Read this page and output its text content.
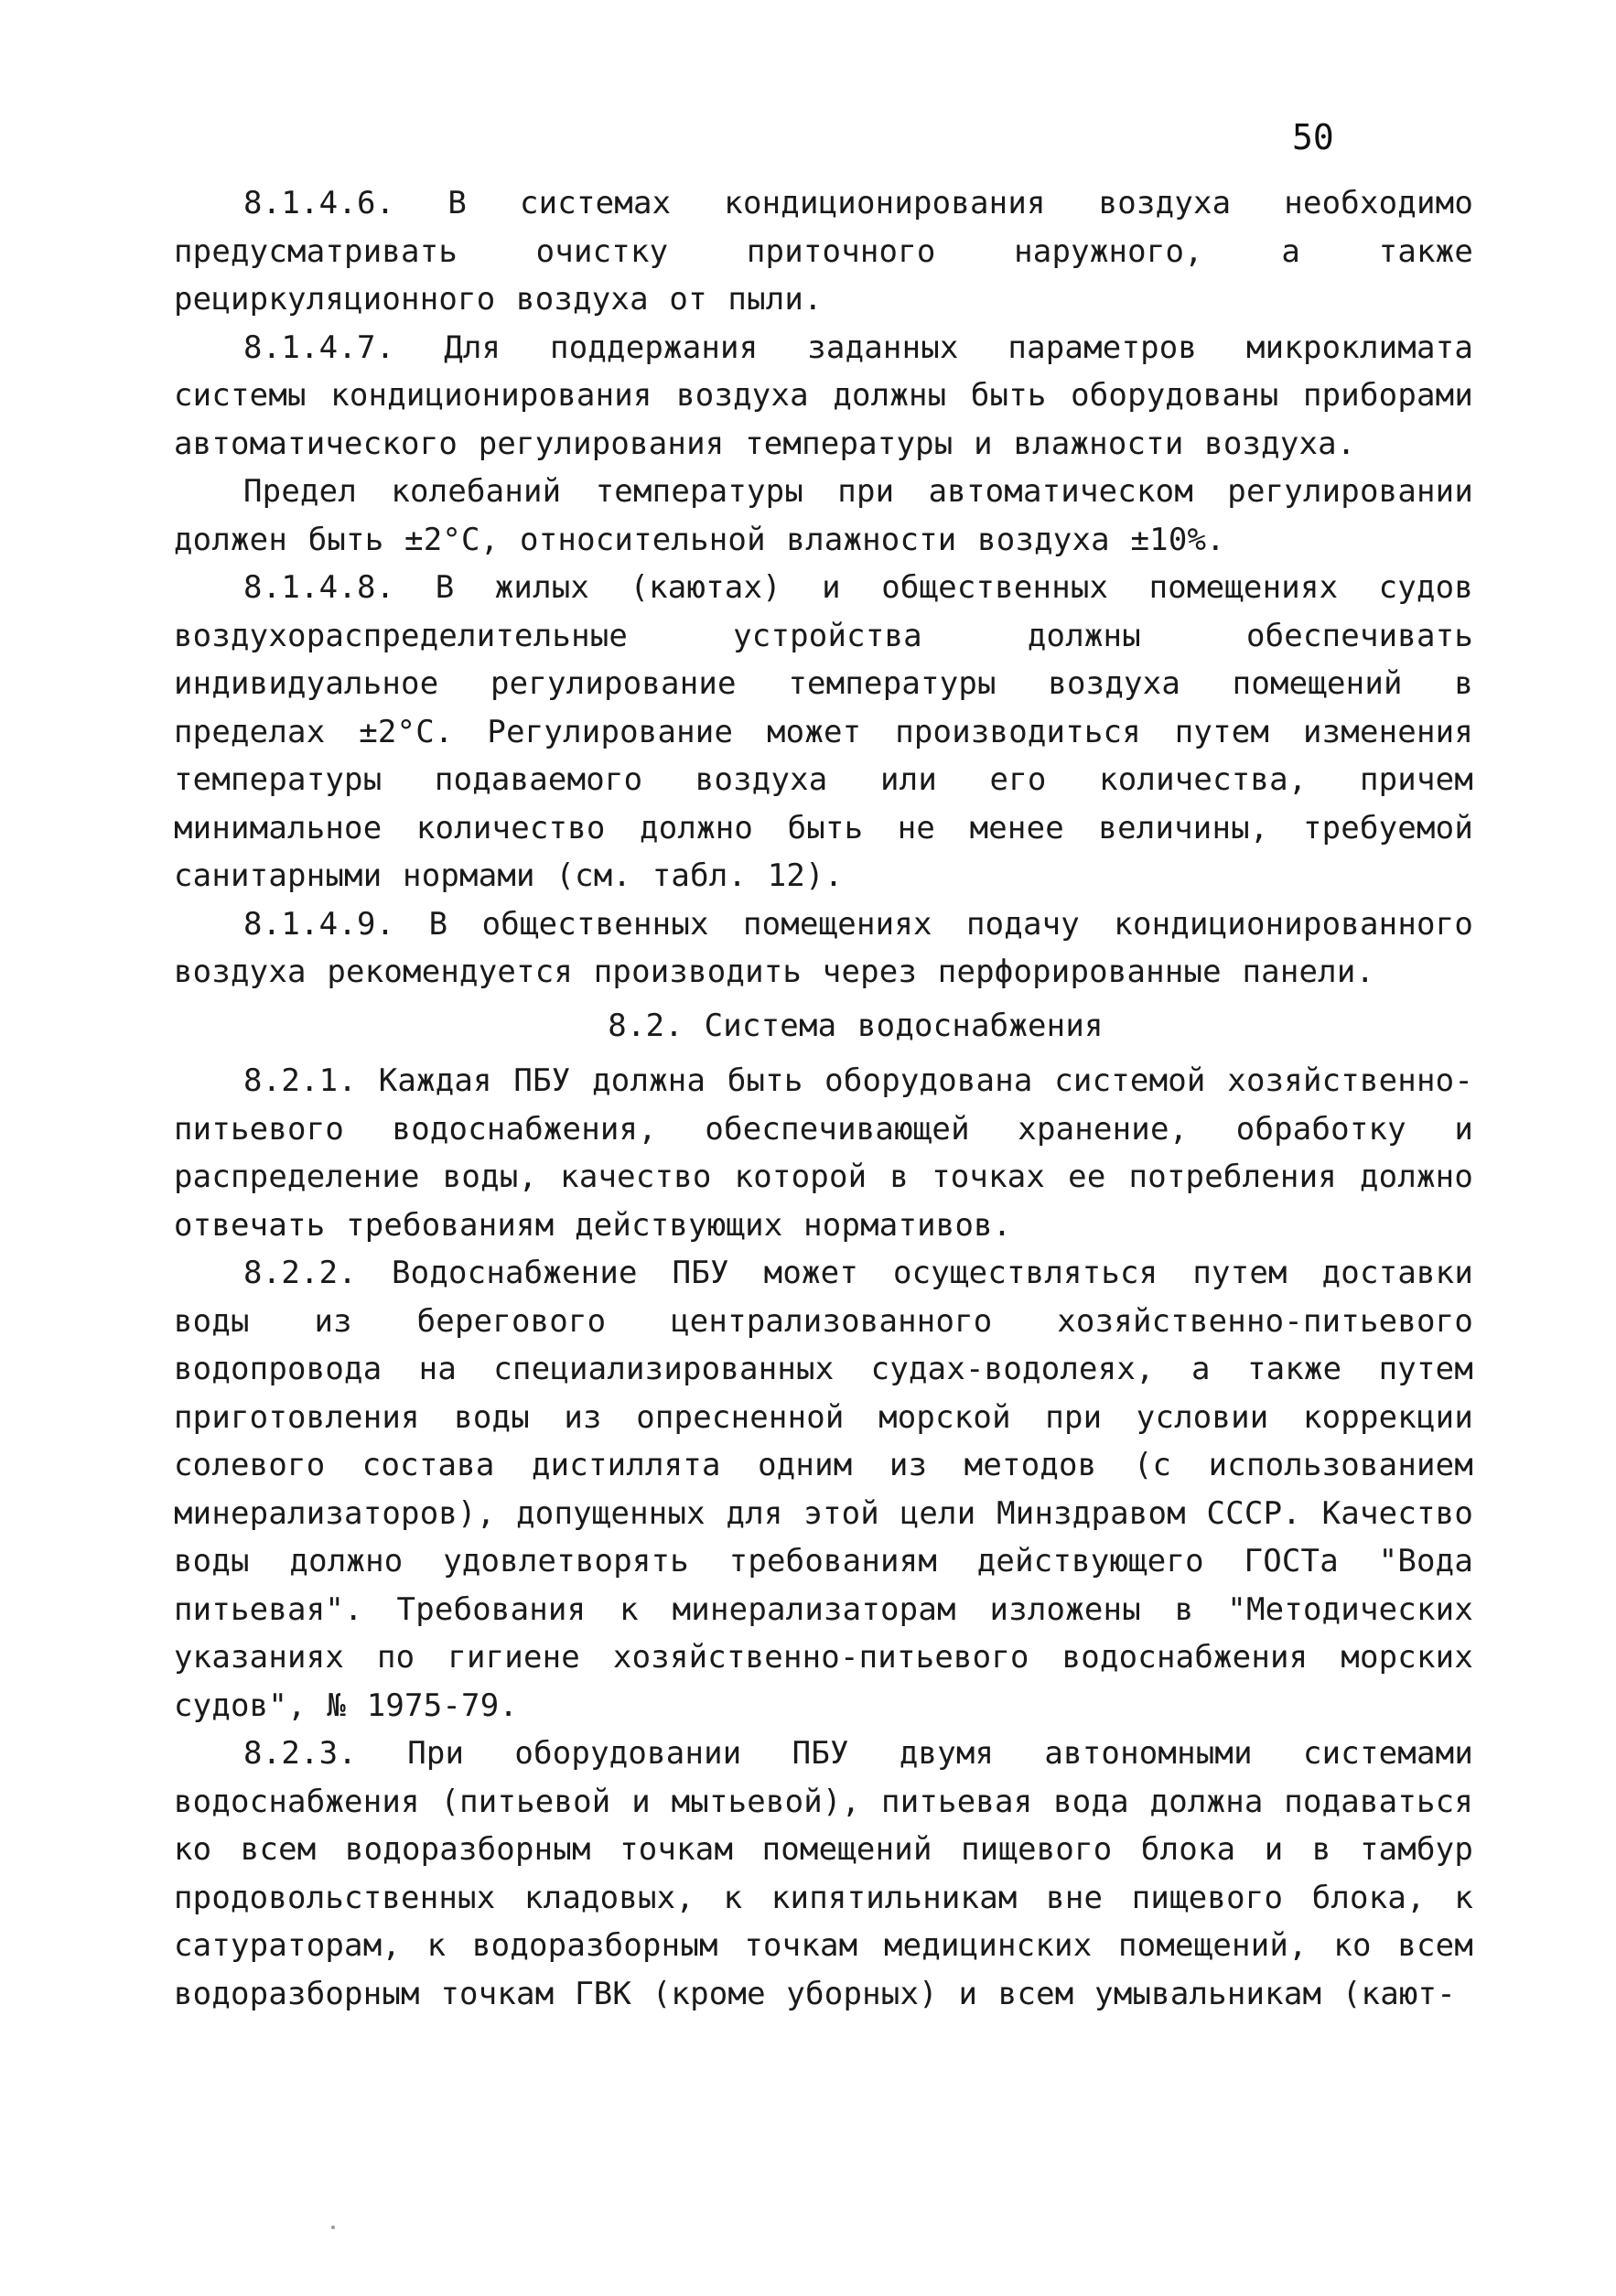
50

8.1.4.6. В системах кондиционирования воздуха необходимо предусматривать очистку приточного наружного, а также рециркуляционного воздуха от пыли.

8.1.4.7. Для поддержания заданных параметров микроклимата системы кондиционирования воздуха должны быть оборудованы приборами автоматического регулирования температуры и влажности воздуха.

Предел колебаний температуры при автоматическом регулировании должен быть ±2°C, относительной влажности воздуха ±10%.

8.1.4.8. В жилых (каютах) и общественных помещениях судов воздухораспределительные устройства должны обеспечивать индивидуальное регулирование температуры воздуха помещений в пределах ±2°C. Регулирование может производиться путем изменения температуры подаваемого воздуха или его количества, причем минимальное количество должно быть не менее величины, требуемой санитарными нормами (см. табл. 12).

8.1.4.9. В общественных помещениях подачу кондиционированного воздуха рекомендуется производить через перфорированные панели.

8.2. Система водоснабжения

8.2.1. Каждая ПБУ должна быть оборудована системой хозяйственно-питьевого водоснабжения, обеспечивающей хранение, обработку и распределение воды, качество которой в точках ее потребления должно отвечать требованиям действующих нормативов.

8.2.2. Водоснабжение ПБУ может осуществляться путем доставки воды из берегового централизованного хозяйственно-питьевого водопровода на специализированных судах-водолеях, а также путем приготовления воды из опресненной морской при условии коррекции солевого состава дистиллята одним из методов (с использованием минерализаторов), допущенных для этой цели Минздравом СССР. Качество воды должно удовлетворять требованиям действующего ГОСТа "Вода питьевая". Требования к минерализаторам изложены в "Методических указаниях по гигиене хозяйственно-питьевого водоснабжения морских судов", № 1975-79.

8.2.3. При оборудовании ПБУ двумя автономными системами водоснабжения (питьевой и мытьевой), питьевая вода должна подаваться ко всем водоразборным точкам помещений пищевого блока и в тамбур продовольственных кладовых, к кипятильникам вне пищевого блока, к сатураторам, к водоразборным точкам медицинских помещений, ко всем водоразборным точкам ГВК (кроме уборных) и всем умывальникам (кают-
